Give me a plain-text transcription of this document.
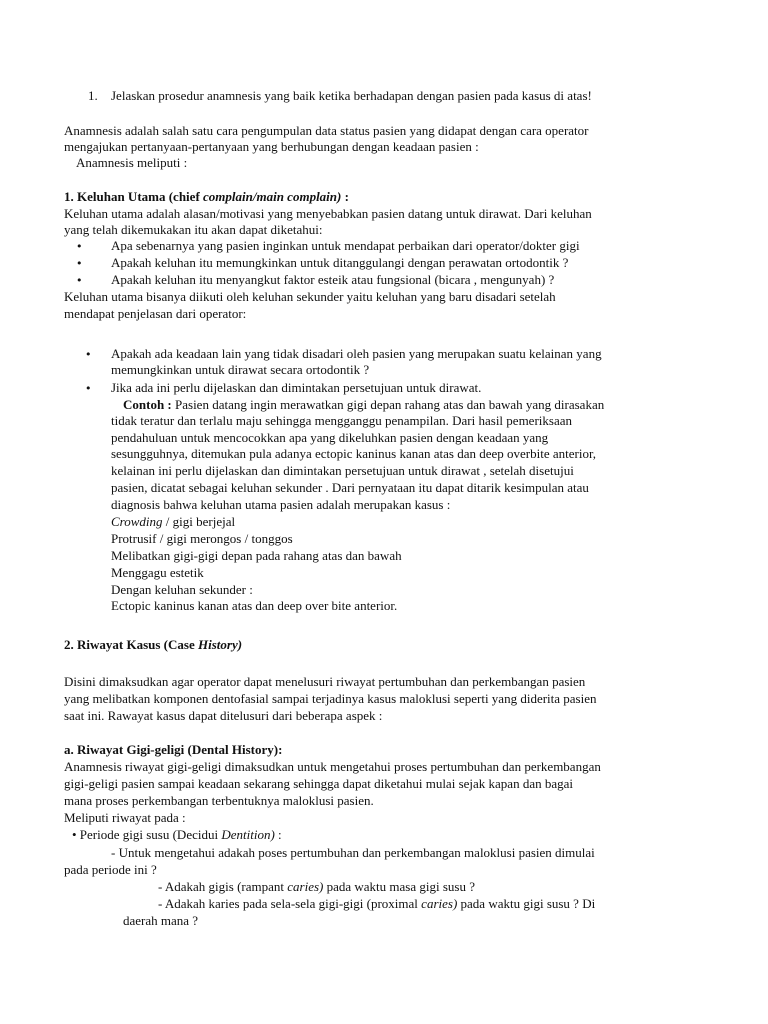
1. Jelaskan prosedur anamnesis yang baik ketika berhadapan dengan pasien pada kasus di atas!
Anamnesis adalah salah satu cara pengumpulan data status pasien yang didapat dengan cara operator
mengajukan pertanyaan-pertanyaan yang berhubungan dengan keadaan pasien :
Anamnesis meliputi :
1. Keluhan Utama (chief complain/main complain) :
Keluhan utama adalah alasan/motivasi yang menyebabkan pasien datang untuk dirawat. Dari keluhan
yang telah dikemukakan itu akan dapat diketahui:
• Apa sebenarnya yang pasien inginkan untuk mendapat perbaikan dari operator/dokter gigi
• Apakah keluhan itu memungkinkan untuk ditanggulangi dengan perawatan ortodontik ?
• Apakah keluhan itu menyangkut faktor esteik atau fungsional (bicara , mengunyah) ?
Keluhan utama bisanya diikuti oleh keluhan sekunder yaitu keluhan yang baru disadari setelah
mendapat penjelasan dari operator:
• Apakah ada keadaan lain yang tidak disadari oleh pasien yang merupakan suatu kelainan yang
memungkinkan untuk dirawat secara ortodontik ?
• Jika ada ini perlu dijelaskan dan dimintakan persetujuan untuk dirawat.
Contoh : Pasien datang ingin merawatkan gigi depan rahang atas dan bawah yang dirasakan
tidak teratur dan terlalu maju sehingga mengganggu penampilan. Dari hasil pemeriksaan
pendahuluan untuk mencocokkan apa yang dikeluhkan pasien dengan keadaan yang
sesungguhnya, ditemukan pula adanya ectopic kaninus kanan atas dan deep overbite anterior,
kelainan ini perlu dijelaskan dan dimintakan persetujuan untuk dirawat , setelah disetujui
pasien, dicatat sebagai keluhan sekunder . Dari pernyataan itu dapat ditarik kesimpulan atau
diagnosis bahwa keluhan utama pasien adalah merupakan kasus :
Crowding / gigi berjejal
Protrusif / gigi merongos / tonggos
Melibatkan gigi-gigi depan pada rahang atas dan bawah
Menggagu estetik
Dengan keluhan sekunder :
Ectopic kaninus kanan atas dan deep over bite anterior.
2. Riwayat Kasus (Case History)
Disini dimaksudkan agar operator dapat menelusuri riwayat pertumbuhan dan perkembangan pasien
yang melibatkan komponen dentofasial sampai terjadinya kasus maloklusi seperti yang diderita pasien
saat ini. Rawayat kasus dapat ditelusuri dari beberapa aspek :
a. Riwayat Gigi-geligi (Dental History):
Anamnesis riwayat gigi-geligi dimaksudkan untuk mengetahui proses pertumbuhan dan perkembangan
gigi-geligi pasien sampai keadaan sekarang sehingga dapat diketahui mulai sejak kapan dan bagai
mana proses perkembangan terbentuknya maloklusi pasien.
Meliputi riwayat pada :
• Periode gigi susu (Decidui Dentition) :
- Untuk mengetahui adakah poses pertumbuhan dan perkembangan maloklusi pasien dimulai
pada periode ini ?
- Adakah gigis (rampant caries) pada waktu masa gigi susu ?
- Adakah karies pada sela-sela gigi-gigi (proximal caries) pada waktu gigi susu ? Di
daerah mana ?
